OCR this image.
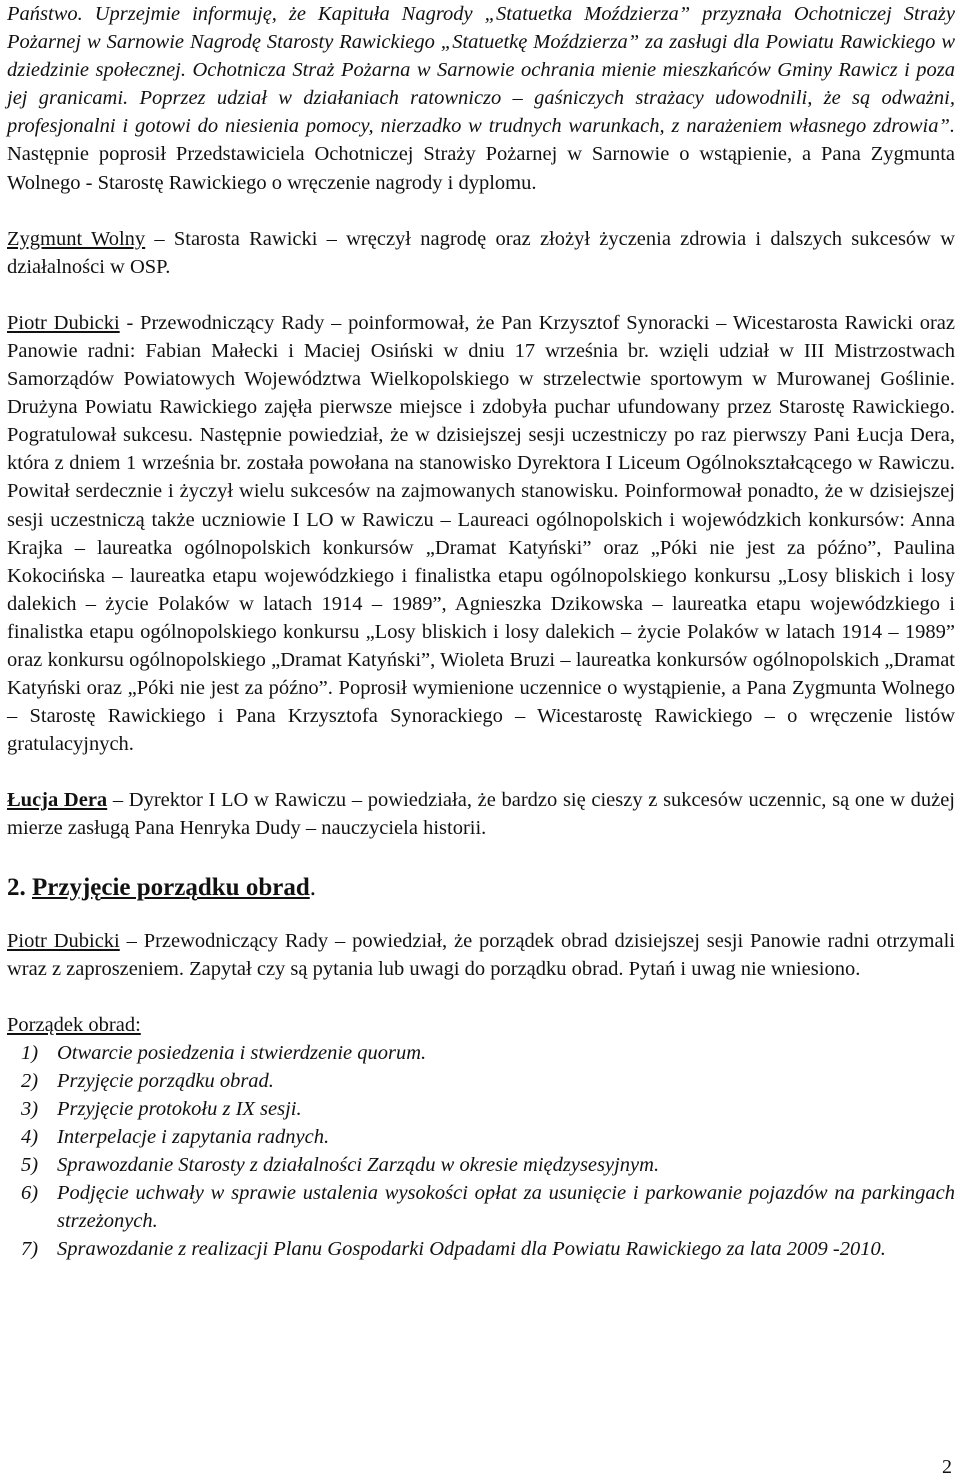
Państwo. Uprzejmie informuję, że Kapituła Nagrody „Statuetka Moździerza” przyznała Ochotniczej Straży Pożarnej w Sarnowie Nagrodę Starosty Rawickiego „Statuetkę Moździerza” za zasługi dla Powiatu Rawickiego w dziedzinie społecznej. Ochotnicza Straż Pożarna w Sarnowie ochrania mienie mieszkańców Gminy Rawicz i poza jej granicami. Poprzez udział w działaniach ratowniczo – gaśniczych strażacy udowodnili, że są odważni, profesjonalni i gotowi do niesienia pomocy, nierzadko w trudnych warunkach, z narażeniem własnego zdrowia”. Następnie poprosił Przedstawiciela Ochotniczej Straży Pożarnej w Sarnowie o wstąpienie, a Pana Zygmunta Wolnego - Starostę Rawickiego o wręczenie nagrody i dyplomu.

Zygmunt Wolny – Starosta Rawicki – wręczył nagrodę oraz złożył życzenia zdrowia i dalszych sukcesów w działalności w OSP.

Piotr Dubicki - Przewodniczący Rady – poinformował, że Pan Krzysztof Synoracki – Wicestarosta Rawicki oraz Panowie radni: Fabian Małecki i Maciej Osiński w dniu 17 września br. wzięli udział w III Mistrzostwach Samorządów Powiatowych Województwa Wielkopolskiego w strzelectwie sportowym w Murowanej Goślinie. Drużyna Powiatu Rawickiego zajęła pierwsze miejsce i zdobyła puchar ufundowany przez Starostę Rawickiego. Pogratulował sukcesu. Następnie powiedział, że w dzisiejszej sesji uczestniczy po raz pierwszy Pani Łucja Dera, która z dniem 1 września br. została powołana na stanowisko Dyrektora I Liceum Ogólnokształcącego w Rawiczu. Powitał serdecznie i życzył wielu sukcesów na zajmowanych stanowisku. Poinformował ponadto, że w dzisiejszej sesji uczestniczą także uczniowie I LO w Rawiczu – Laureaci ogólnopolskich i wojewódzkich konkursów: Anna Krajka – laureatka ogólnopolskich konkursów „Dramat Katyński” oraz „Póki nie jest za późno”, Paulina Kokocińska – laureatka etapu wojewódzkiego i finalistka etapu ogólnopolskiego konkursu „Losy bliskich i losy dalekich – życie Polaków w latach 1914 – 1989”, Agnieszka Dzikowska – laureatka etapu wojewódzkiego i finalistka etapu ogólnopolskiego konkursu „Losy bliskich i losy dalekich – życie Polaków w latach 1914 – 1989” oraz konkursu ogólnopolskiego „Dramat Katyński”, Wioleta Bruzi – laureatka konkursów ogólnopolskich „Dramat Katyński oraz „Póki nie jest za późno”. Poprosił wymienione uczennice o wystąpienie, a Pana Zygmunta Wolnego – Starostę Rawickiego i Pana Krzysztofa Synorackiego – Wicestarostę Rawickiego – o wręczenie listów gratulacyjnych.

Łucja Dera – Dyrektor I LO w Rawiczu – powiedziała, że bardzo się cieszy z sukcesów uczennic, są one w dużej mierze zasługą Pana Henryka Dudy – nauczyciela historii.

2. Przyjęcie porządku obrad.

Piotr Dubicki – Przewodniczący Rady – powiedział, że porządek obrad dzisiejszej sesji Panowie radni otrzymali wraz z zaproszeniem. Zapytał czy są pytania lub uwagi do porządku obrad. Pytań i uwag nie wniesiono.

Porządek obrad:

1) Otwarcie posiedzenia i stwierdzenie quorum.
2) Przyjęcie porządku obrad.
3) Przyjęcie protokołu z IX sesji.
4) Interpelacje i zapytania radnych.
5) Sprawozdanie Starosty z działalności Zarządu w okresie międzysesyjnym.
6) Podjęcie uchwały w sprawie ustalenia wysokości opłat za usunięcie i parkowanie pojazdów na parkingach strzeżonych.
7) Sprawozdanie z realizacji Planu Gospodarki Odpadami dla Powiatu Rawickiego za lata 2009 -2010.
2
